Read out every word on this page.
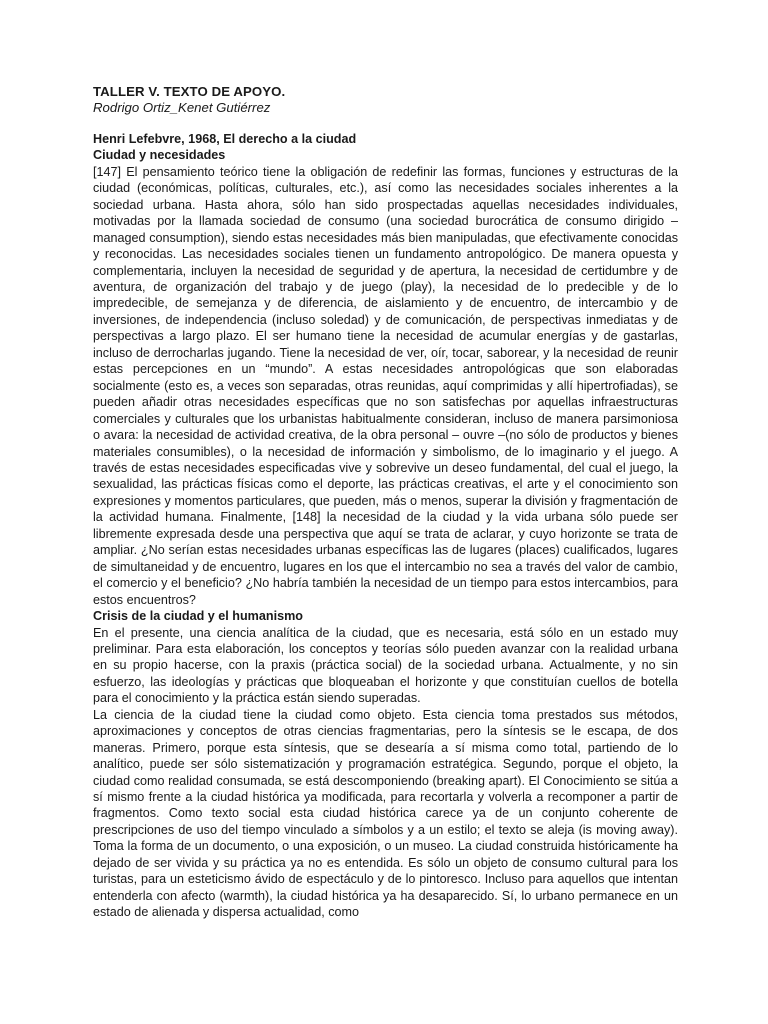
TALLER V. TEXTO DE APOYO.

Rodrigo Ortiz_Kenet Gutiérrez

Henri Lefebvre, 1968, El derecho a la ciudad

Ciudad y necesidades

[147] El pensamiento teórico tiene la obligación de redefinir las formas, funciones y estructuras de la ciudad (económicas, políticas, culturales, etc.), así como las necesidades sociales inherentes a la sociedad urbana. Hasta ahora, sólo han sido prospectadas aquellas necesidades individuales, motivadas por la llamada sociedad de consumo (una sociedad burocrática de consumo dirigido – managed consumption), siendo estas necesidades más bien manipuladas, que efectivamente conocidas y reconocidas. Las necesidades sociales tienen un fundamento antropológico. De manera opuesta y complementaria, incluyen la necesidad de seguridad y de apertura, la necesidad de certidumbre y de aventura, de organización del trabajo y de juego (play), la necesidad de lo predecible y de lo impredecible, de semejanza y de diferencia, de aislamiento y de encuentro, de intercambio y de inversiones, de independencia (incluso soledad) y de comunicación, de perspectivas inmediatas y de perspectivas a largo plazo. El ser humano tiene la necesidad de acumular energías y de gastarlas, incluso de derrocharlas jugando. Tiene la necesidad de ver, oír, tocar, saborear, y la necesidad de reunir estas percepciones en un “mundo”. A estas necesidades antropológicas que son elaboradas socialmente (esto es, a veces son separadas, otras reunidas, aquí comprimidas y allí hipertrofiadas), se pueden añadir otras necesidades específicas que no son satisfechas por aquellas infraestructuras comerciales y culturales que los urbanistas habitualmente consideran, incluso de manera parsimoniosa o avara: la necesidad de actividad creativa, de la obra personal – ouvre –(no sólo de productos y bienes materiales consumibles), o la necesidad de información y simbolismo, de lo imaginario y el juego. A través de estas necesidades especificadas vive y sobrevive un deseo fundamental, del cual el juego, la sexualidad, las prácticas físicas como el deporte, las prácticas creativas, el arte y el conocimiento son expresiones y momentos particulares, que pueden, más o menos, superar la división y fragmentación de la actividad humana. Finalmente, [148] la necesidad de la ciudad y la vida urbana sólo puede ser libremente expresada desde una perspectiva que aquí se trata de aclarar, y cuyo horizonte se trata de ampliar. ¿No serían estas necesidades urbanas específicas las de lugares (places) cualificados, lugares de simultaneidad y de encuentro, lugares en los que el intercambio no sea a través del valor de cambio, el comercio y el beneficio? ¿No habría también la necesidad de un tiempo para estos intercambios, para estos encuentros?

Crisis de la ciudad y el humanismo

En el presente, una ciencia analítica de la ciudad, que es necesaria, está sólo en un estado muy preliminar. Para esta elaboración, los conceptos y teorías sólo pueden avanzar con la realidad urbana en su propio hacerse, con la praxis (práctica social) de la sociedad urbana. Actualmente, y no sin esfuerzo, las ideologías y prácticas que bloqueaban el horizonte y que constituían cuellos de botella para el conocimiento y la práctica están siendo superadas.

La ciencia de la ciudad tiene la ciudad como objeto. Esta ciencia toma prestados sus métodos, aproximaciones y conceptos de otras ciencias fragmentarias, pero la síntesis se le escapa, de dos maneras. Primero, porque esta síntesis, que se desearía a sí misma como total, partiendo de lo analítico, puede ser sólo sistematización y programación estratégica. Segundo, porque el objeto, la ciudad como realidad consumada, se está descomponiendo (breaking apart). El Conocimiento se sitúa a sí mismo frente a la ciudad histórica ya modificada, para recortarla y volverla a recomponer a partir de fragmentos. Como texto social esta ciudad histórica carece ya de un conjunto coherente de prescripciones de uso del tiempo vinculado a símbolos y a un estilo; el texto se aleja (is moving away). Toma la forma de un documento, o una exposición, o un museo. La ciudad construida históricamente ha dejado de ser vivida y su práctica ya no es entendida. Es sólo un objeto de consumo cultural para los turistas, para un esteticismo ávido de espectáculo y de lo pintoresco. Incluso para aquellos que intentan entenderla con afecto (warmth), la ciudad histórica ya ha desaparecido. Sí, lo urbano permanece en un estado de alienada y dispersa actualidad, como
